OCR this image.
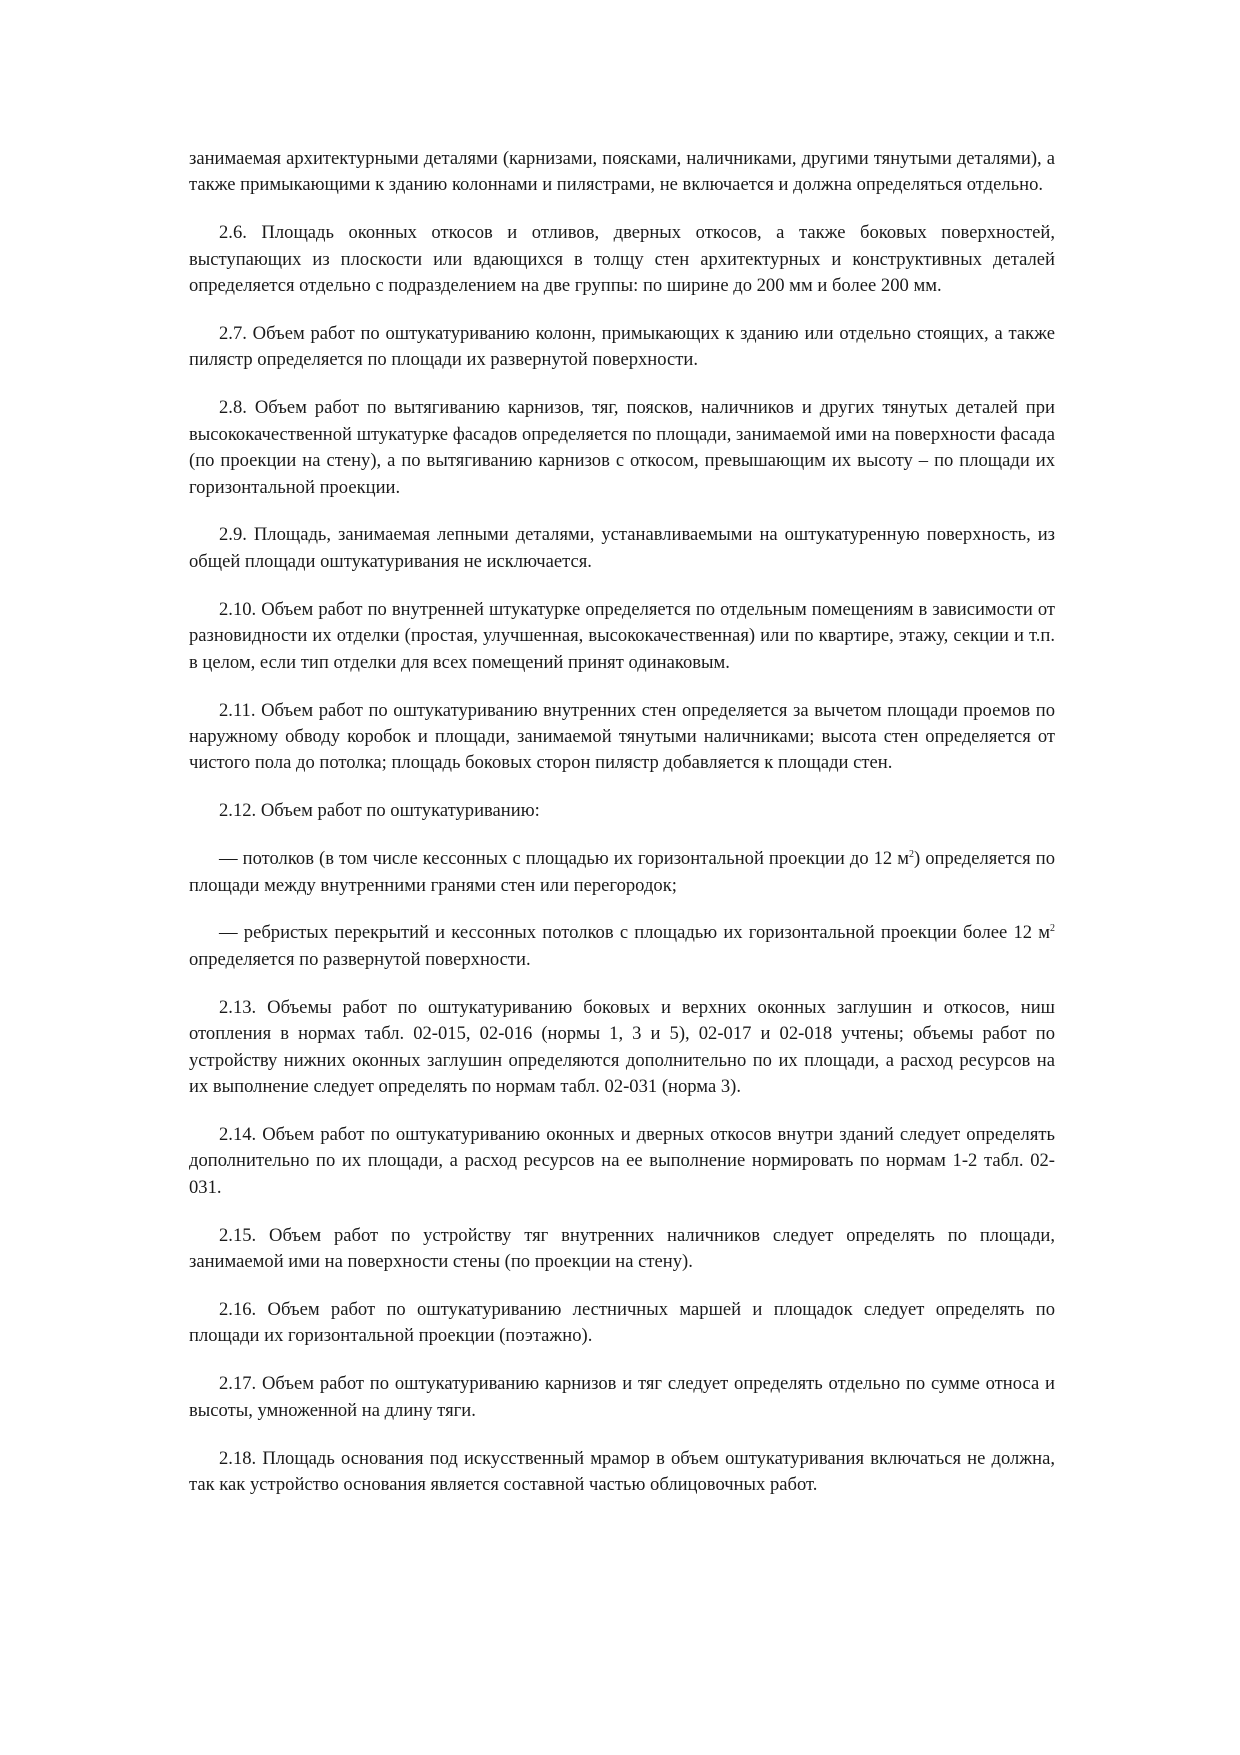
занимаемая архитектурными деталями (карнизами, поясками, наличниками, другими тянутыми деталями), а также примыкающими к зданию колоннами и пилястрами, не включается и должна определяться отдельно.

2.6. Площадь оконных откосов и отливов, дверных откосов, а также боковых поверхностей, выступающих из плоскости или вдающихся в толщу стен архитектурных и конструктивных деталей определяется отдельно с подразделением на две группы: по ширине до 200 мм и более 200 мм.

2.7. Объем работ по оштукатуриванию колонн, примыкающих к зданию или отдельно стоящих, а также пилястр определяется по площади их развернутой поверхности.

2.8. Объем работ по вытягиванию карнизов, тяг, поясков, наличников и других тянутых деталей при высококачественной штукатурке фасадов определяется по площади, занимаемой ими на поверхности фасада (по проекции на стену), а по вытягиванию карнизов с откосом, превышающим их высоту – по площади их горизонтальной проекции.

2.9. Площадь, занимаемая лепными деталями, устанавливаемыми на оштукатуренную поверхность, из общей площади оштукатуривания не исключается.

2.10. Объем работ по внутренней штукатурке определяется по отдельным помещениям в зависимости от разновидности их отделки (простая, улучшенная, высококачественная) или по квартире, этажу, секции и т.п. в целом, если тип отделки для всех помещений принят одинаковым.

2.11. Объем работ по оштукатуриванию внутренних стен определяется за вычетом площади проемов по наружному обводу коробок и площади, занимаемой тянутыми наличниками; высота стен определяется от чистого пола до потолка; площадь боковых сторон пилястр добавляется к площади стен.

2.12. Объем работ по оштукатуриванию:

— потолков (в том числе кессонных с площадью их горизонтальной проекции до 12 $м^2$) определяется по площади между внутренними гранями стен или перегородок;

— ребристых перекрытий и кессонных потолков с площадью их горизонтальной проекции более 12 $м^2$ определяется по развернутой поверхности.

2.13. Объемы работ по оштукатуриванию боковых и верхних оконных заглушин и откосов, ниш отопления в нормах табл. 02-015, 02-016 (нормы 1, 3 и 5), 02-017 и 02-018 учтены; объемы работ по устройству нижних оконных заглушин определяются дополнительно по их площади, а расход ресурсов на их выполнение следует определять по нормам табл. 02-031 (норма 3).

2.14. Объем работ по оштукатуриванию оконных и дверных откосов внутри зданий следует определять дополнительно по их площади, а расход ресурсов на ее выполнение нормировать по нормам 1-2 табл. 02-031.

2.15. Объем работ по устройству тяг внутренних наличников следует определять по площади, занимаемой ими на поверхности стены (по проекции на стену).

2.16. Объем работ по оштукатуриванию лестничных маршей и площадок следует определять по площади их горизонтальной проекции (поэтажно).

2.17. Объем работ по оштукатуриванию карнизов и тяг следует определять отдельно по сумме относа и высоты, умноженной на длину тяги.

2.18. Площадь основания под искусственный мрамор в объем оштукатуривания включаться не должна, так как устройство основания является составной частью облицовочных работ.
